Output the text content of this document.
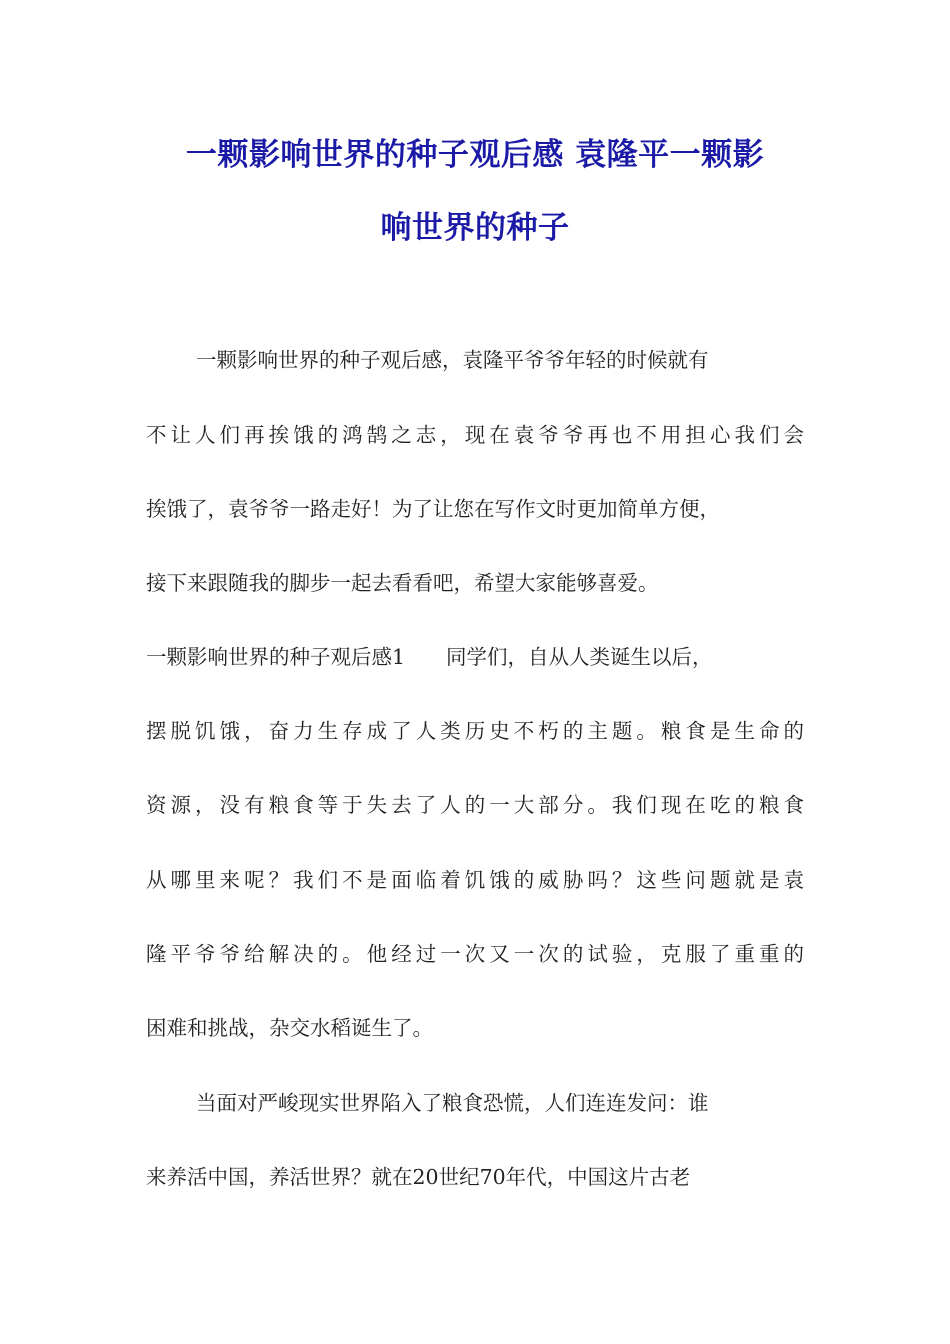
一颗影响世界的种子观后感 袁隆平一颗影
响世界的种子
一颗影响世界的种子观后感，袁隆平爷爷年轻的时候就有
不让人们再挨饿的鸿鹄之志，现在袁爷爷再也不用担心我们会
挨饿了，袁爷爷一路走好！为了让您在写作文时更加简单方便，
接下来跟随我的脚步一起去看看吧，希望大家能够喜爱。
一颗影响世界的种子观后感1　　同学们，自从人类诞生以后，
摆脱饥饿，奋力生存成了人类历史不朽的主题。粮食是生命的
资源，没有粮食等于失去了人的一大部分。我们现在吃的粮食
从哪里来呢？我们不是面临着饥饿的威胁吗？这些问题就是袁
隆平爷爷给解决的。他经过一次又一次的试验，克服了重重的
困难和挑战，杂交水稻诞生了。
当面对严峻现实世界陷入了粮食恐慌，人们连连发问：谁
来养活中国，养活世界？就在20世纪70年代，中国这片古老
